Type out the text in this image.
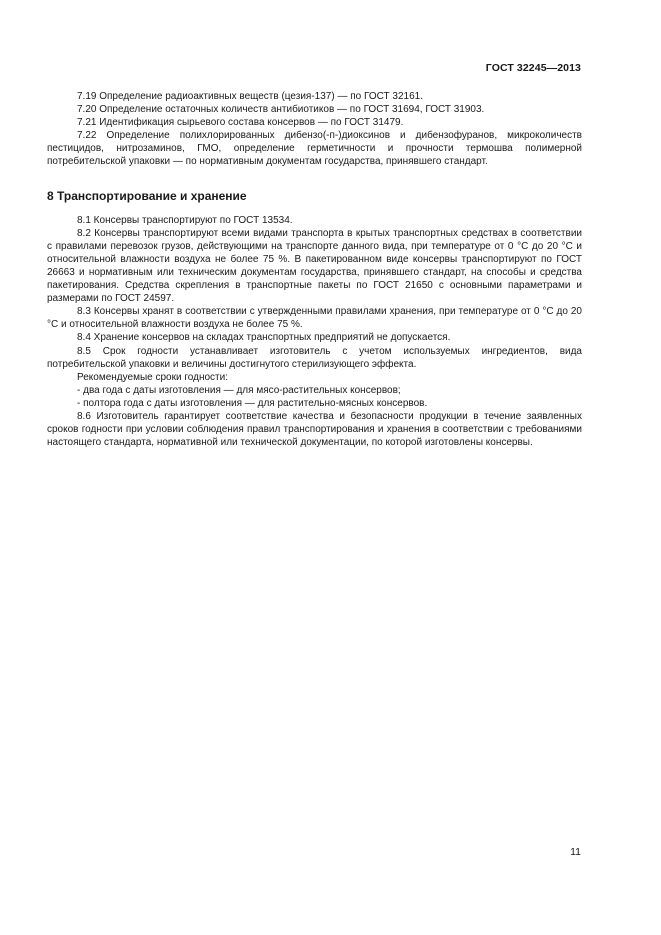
ГОСТ 32245—2013

7.19 Определение радиоактивных веществ (цезия-137) — по ГОСТ 32161.

7.20 Определение остаточных количеств антибиотиков — по ГОСТ 31694, ГОСТ 31903.

7.21 Идентификация сырьевого состава консервов — по ГОСТ 31479.

7.22 Определение полихлорированных дибензо(-п-)диоксинов и дибензофуранов, микроколичеств пестицидов, нитрозаминов, ГМО, определение герметичности и прочности термошва полимерной потребительской упаковки — по нормативным документам государства, принявшего стандарт.

8 Транспортирование и хранение

8.1 Консервы транспортируют по ГОСТ 13534.

8.2 Консервы транспортируют всеми видами транспорта в крытых транспортных средствах в соответствии с правилами перевозок грузов, действующими на транспорте данного вида, при температуре от 0 °С до 20 °С и относительной влажности воздуха не более 75 %. В пакетированном виде консервы транспортируют по ГОСТ 26663 и нормативным или техническим документам государства, принявшего стандарт, на способы и средства пакетирования. Средства скрепления в транспортные пакеты по ГОСТ 21650 с основными параметрами и размерами по ГОСТ 24597.

8.3 Консервы хранят в соответствии с утвержденными правилами хранения, при температуре от 0 °С до 20 °С и относительной влажности воздуха не более 75 %.

8.4 Хранение консервов на складах транспортных предприятий не допускается.

8.5 Срок годности устанавливает изготовитель с учетом используемых ингредиентов, вида потребительской упаковки и величины достигнутого стерилизующего эффекта.

Рекомендуемые сроки годности:

- два года с даты изготовления — для мясо-растительных консервов;

- полтора года с даты изготовления — для растительно-мясных консервов.

8.6 Изготовитель гарантирует соответствие качества и безопасности продукции в течение заявленных сроков годности при условии соблюдения правил транспортирования и хранения в соответствии с требованиями настоящего стандарта, нормативной или технической документации, по которой изготовлены консервы.

11
